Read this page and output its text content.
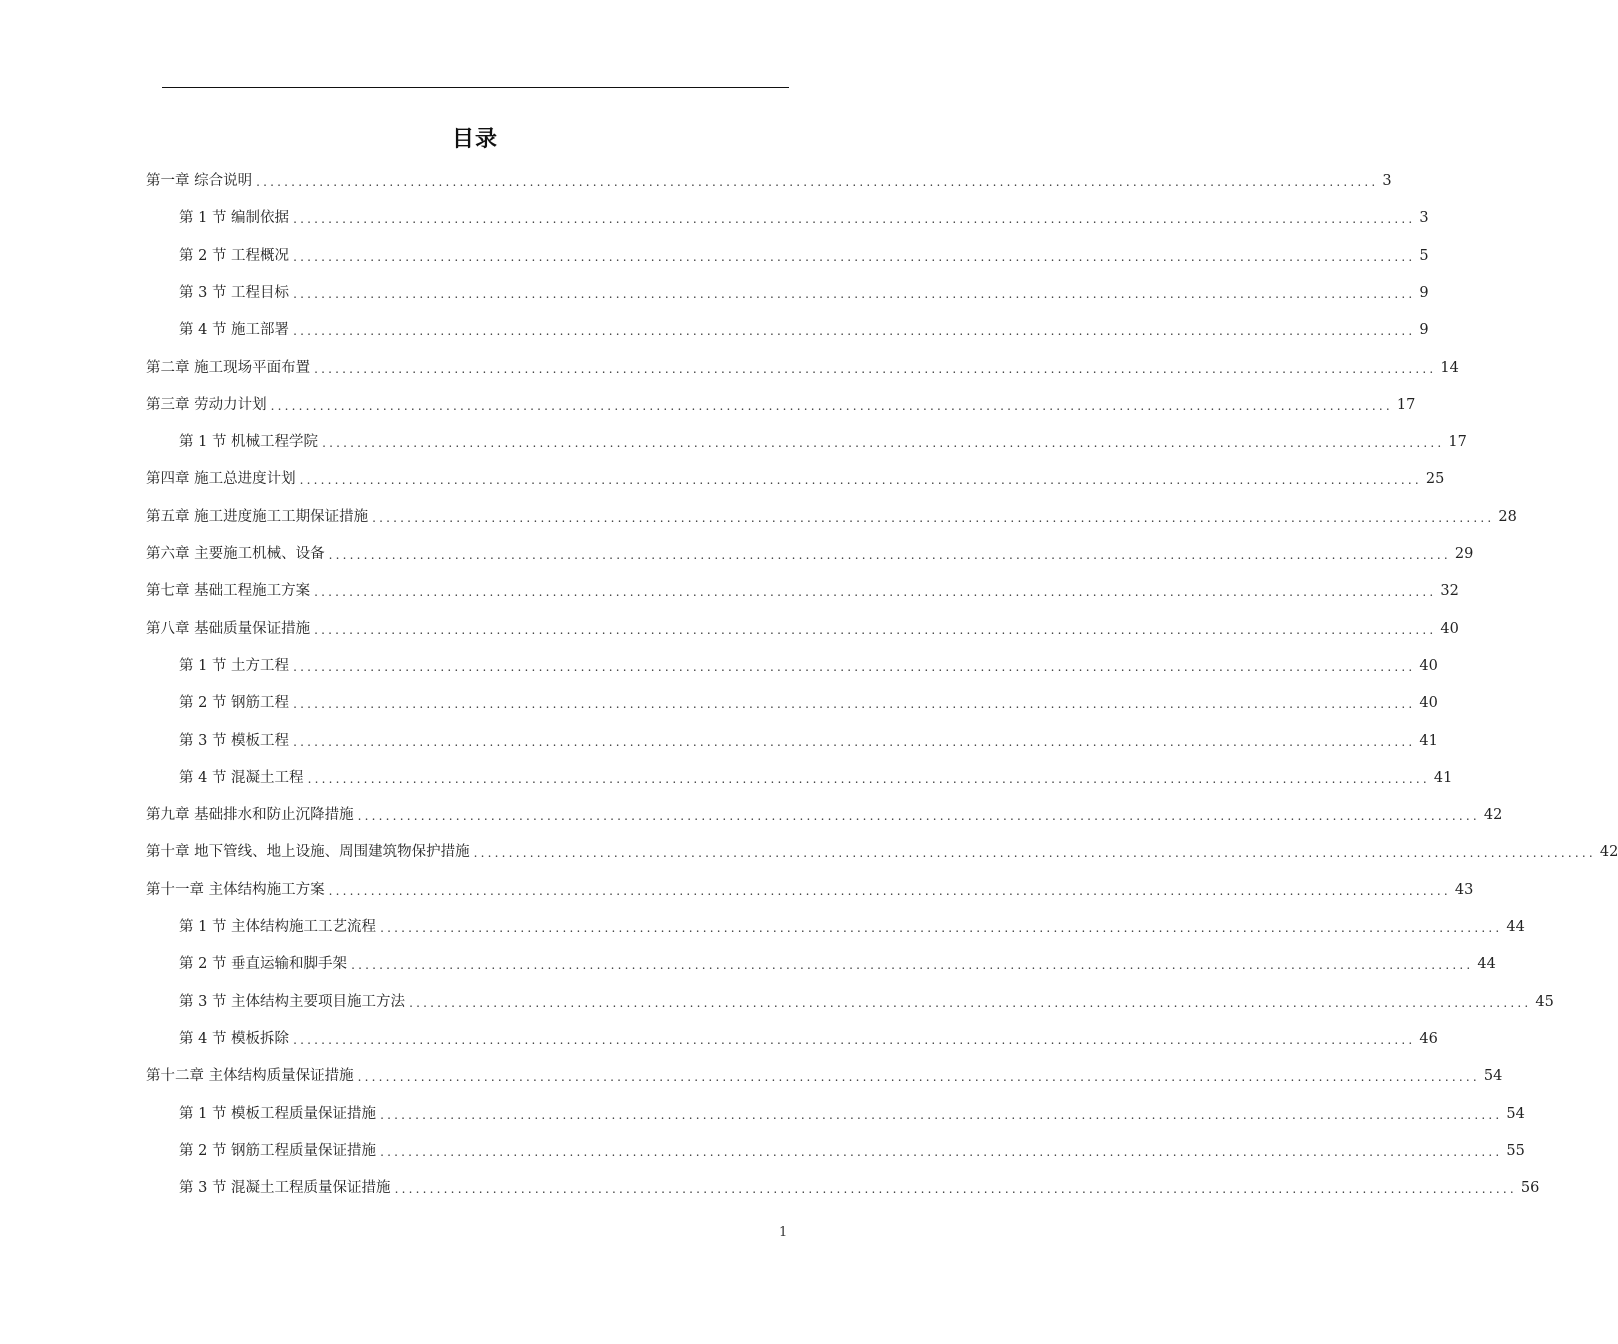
目录
第一章 综合说明 ................................................................................................................................................................ 3
第 1 节 编制依据 ................................................................................................................................................................ 3
第 2 节 工程概况 ................................................................................................................................................................ 5
第 3 节 工程目标 ................................................................................................................................................................ 9
第 4 节 施工部署 ................................................................................................................................................................ 9
第二章 施工现场平面布置 ................................................................................................................................................................ 14
第三章 劳动力计划 ................................................................................................................................................................ 17
第 1 节 机械工程学院 ................................................................................................................................................................ 17
第四章 施工总进度计划 ................................................................................................................................................................ 25
第五章 施工进度施工工期保证措施 ................................................................................................................................................................ 28
第六章 主要施工机械、设备 ................................................................................................................................................................ 29
第七章 基础工程施工方案 ................................................................................................................................................................ 32
第八章 基础质量保证措施 ................................................................................................................................................................ 40
第 1 节 土方工程 ................................................................................................................................................................ 40
第 2 节 钢筋工程 ................................................................................................................................................................ 40
第 3 节 模板工程 ................................................................................................................................................................ 41
第 4 节 混凝土工程 ................................................................................................................................................................ 41
第九章 基础排水和防止沉降措施 ................................................................................................................................................................ 42
第十章 地下管线、地上设施、周围建筑物保护措施 ................................................................................................................................................................ 42
第十一章 主体结构施工方案 ................................................................................................................................................................ 43
第 1 节 主体结构施工工艺流程 ................................................................................................................................................................ 44
第 2 节 垂直运输和脚手架 ................................................................................................................................................................ 44
第 3 节 主体结构主要项目施工方法 ................................................................................................................................................................ 45
第 4 节 模板拆除 ................................................................................................................................................................ 46
第十二章 主体结构质量保证措施 ................................................................................................................................................................ 54
第 1 节 模板工程质量保证措施 ................................................................................................................................................................ 54
第 2 节 钢筋工程质量保证措施 ................................................................................................................................................................ 55
第 3 节 混凝土工程质量保证措施 ................................................................................................................................................................ 56
1
